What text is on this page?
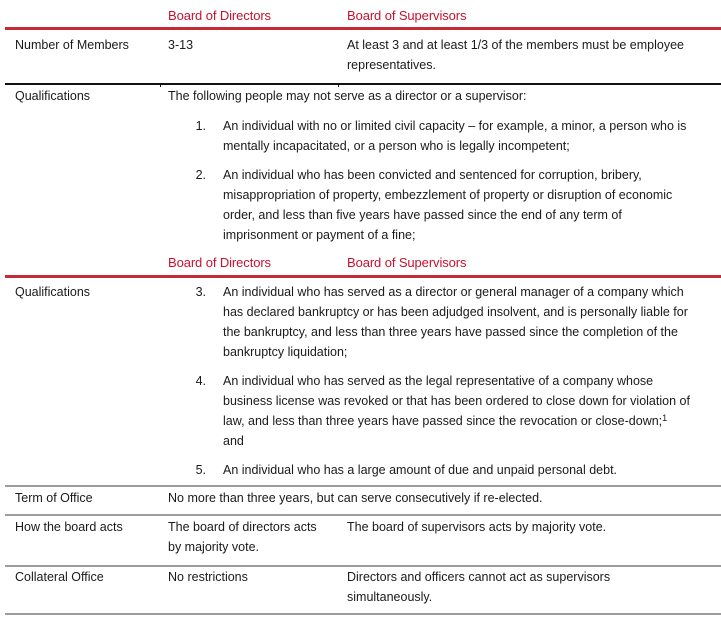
Board of Directors	Board of Supervisors
Number of Members	3-13	At least 3 and at least 1/3 of the members must be employee
representatives.
Qualifications	The following people may not serve as a director or a supervisor:
1. An individual with no or limited civil capacity – for example, a minor, a person who is
mentally incapacitated, or a person who is legally incompetent;
2. An individual who has been convicted and sentenced for corruption, bribery,
misappropriation of property, embezzlement of property or disruption of economic
order, and less than five years have passed since the end of any term of
imprisonment or payment of a fine;
Board of Directors	Board of Supervisors
Qualifications	3. An individual who has served as a director or general manager of a company which
has declared bankruptcy or has been adjudged insolvent, and is personally liable for
the bankruptcy, and less than three years have passed since the completion of the
bankruptcy liquidation;
4. An individual who has served as the legal representative of a company whose
business license was revoked or that has been ordered to close down for violation of
law, and less than three years have passed since the revocation or close-down;$^1$
and
5. An individual who has a large amount of due and unpaid personal debt.
Term of Office	No more than three years, but can serve consecutively if re-elected.
How the board acts	The board of directors acts
by majority vote.
The board of supervisors acts by majority vote.
Collateral Office	No restrictions	Directors and officers cannot act as supervisors
simultaneously.
